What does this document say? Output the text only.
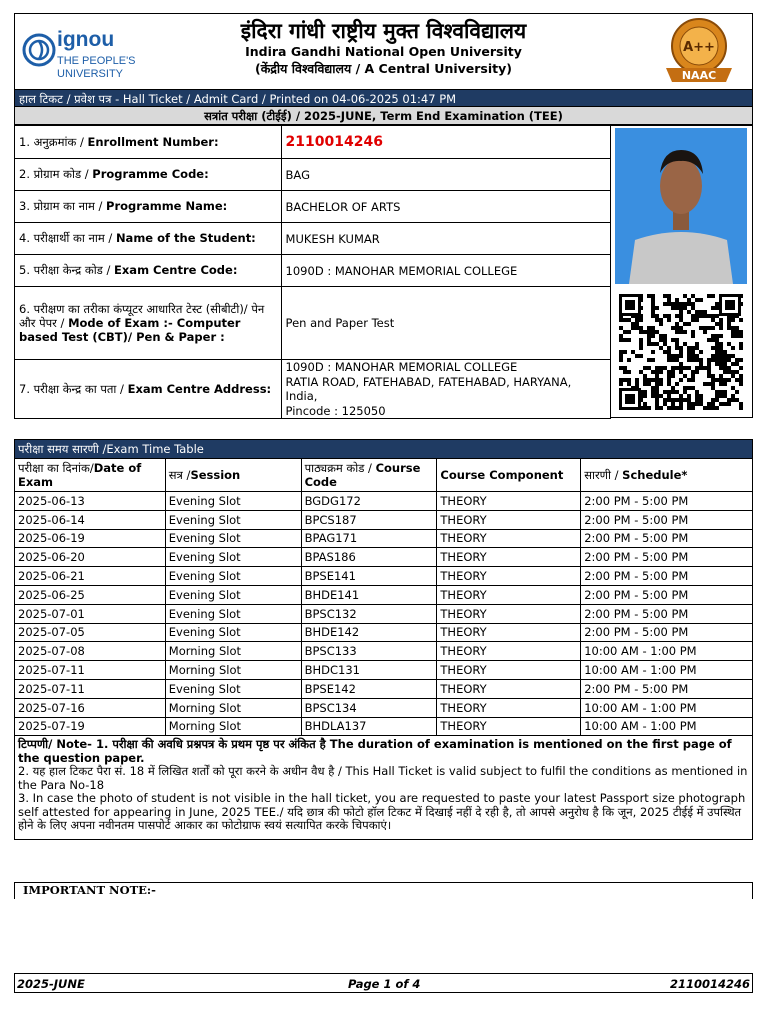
ignou
THE PEOPLE'S
UNIVERSITY
इंदिरा गांधी राष्ट्रीय मुक्त विश्वविद्यालय
Indira Gandhi National Open University
(केंद्रीय विश्वविद्यालय / A Central University)
A++
NAAC
हाल टिकट / प्रवेश पत्र - Hall Ticket / Admit Card / Printed on 04-06-2025 01:47 PM
सत्रांत परीक्षा (टीईई) / 2025-JUNE, Term End Examination (TEE)
1. अनुक्रमांक / Enrollment Number:	2110014246
2. प्रोग्राम कोड / Programme Code:	BAG
3. प्रोग्राम का नाम / Programme Name:	BACHELOR OF ARTS
4. परीक्षार्थी का नाम / Name of the Student:	MUKESH KUMAR
5. परीक्षा केन्द्र कोड / Exam Centre Code:	1090D : MANOHAR MEMORIAL COLLEGE
6. परीक्षण का तरीका कंप्यूटर आधारित टेस्ट (सीबीटी)/ पेन और पेपर / Mode of Exam :- Computer based Test (CBT)/ Pen & Paper :	Pen and Paper Test
7. परीक्षा केन्द्र का पता / Exam Centre Address:	1090D : MANOHAR MEMORIAL COLLEGE
RATIA ROAD, FATEHABAD, FATEHABAD, HARYANA, India,
Pincode : 125050
परीक्षा समय सारणी /Exam Time Table				
परीक्षा का दिनांक/Date of Exam	सत्र /Session	पाठ्यक्रम कोड / Course Code	Course Component	सारणी / Schedule*
2025-06-13	Evening Slot	BGDG172	THEORY	2:00 PM - 5:00 PM
2025-06-14	Evening Slot	BPCS187	THEORY	2:00 PM - 5:00 PM
2025-06-19	Evening Slot	BPAG171	THEORY	2:00 PM - 5:00 PM
2025-06-20	Evening Slot	BPAS186	THEORY	2:00 PM - 5:00 PM
2025-06-21	Evening Slot	BPSE141	THEORY	2:00 PM - 5:00 PM
2025-06-25	Evening Slot	BHDE141	THEORY	2:00 PM - 5:00 PM
2025-07-01	Evening Slot	BPSC132	THEORY	2:00 PM - 5:00 PM
2025-07-05	Evening Slot	BHDE142	THEORY	2:00 PM - 5:00 PM
2025-07-08	Morning Slot	BPSC133	THEORY	10:00 AM - 1:00 PM
2025-07-11	Morning Slot	BHDC131	THEORY	10:00 AM - 1:00 PM
2025-07-11	Evening Slot	BPSE142	THEORY	2:00 PM - 5:00 PM
2025-07-16	Morning Slot	BPSC134	THEORY	10:00 AM - 1:00 PM
2025-07-19	Morning Slot	BHDLA137	THEORY	10:00 AM - 1:00 PM

टिप्पणी/ Note- 1. परीक्षा की अवधि प्रश्नपत्र के प्रथम पृष्ठ पर अंकित है The duration of examination is mentioned on the first page of the question paper.
2. यह हाल टिकट पैरा सं. 18 में लिखित शर्तों को पूरा करने के अधीन वैध है / This Hall Ticket is valid subject to fulfil the conditions as mentioned in the Para No-18
3. In case the photo of student is not visible in the hall ticket, you are requested to paste your latest Passport size photograph self attested for appearing in June, 2025 TEE./ यदि छात्र की फोटो हॉल टिकट में दिखाई नहीं दे रही है, तो आपसे अनुरोध है कि जून, 2025 टीईई में उपस्थित होने के लिए अपना नवीनतम पासपोर्ट आकार का फोटोग्राफ स्वयं सत्यापित करके चिपकाएं।				
IMPORTANT NOTE:-
2025-JUNE	Page 1 of 4	2110014246
